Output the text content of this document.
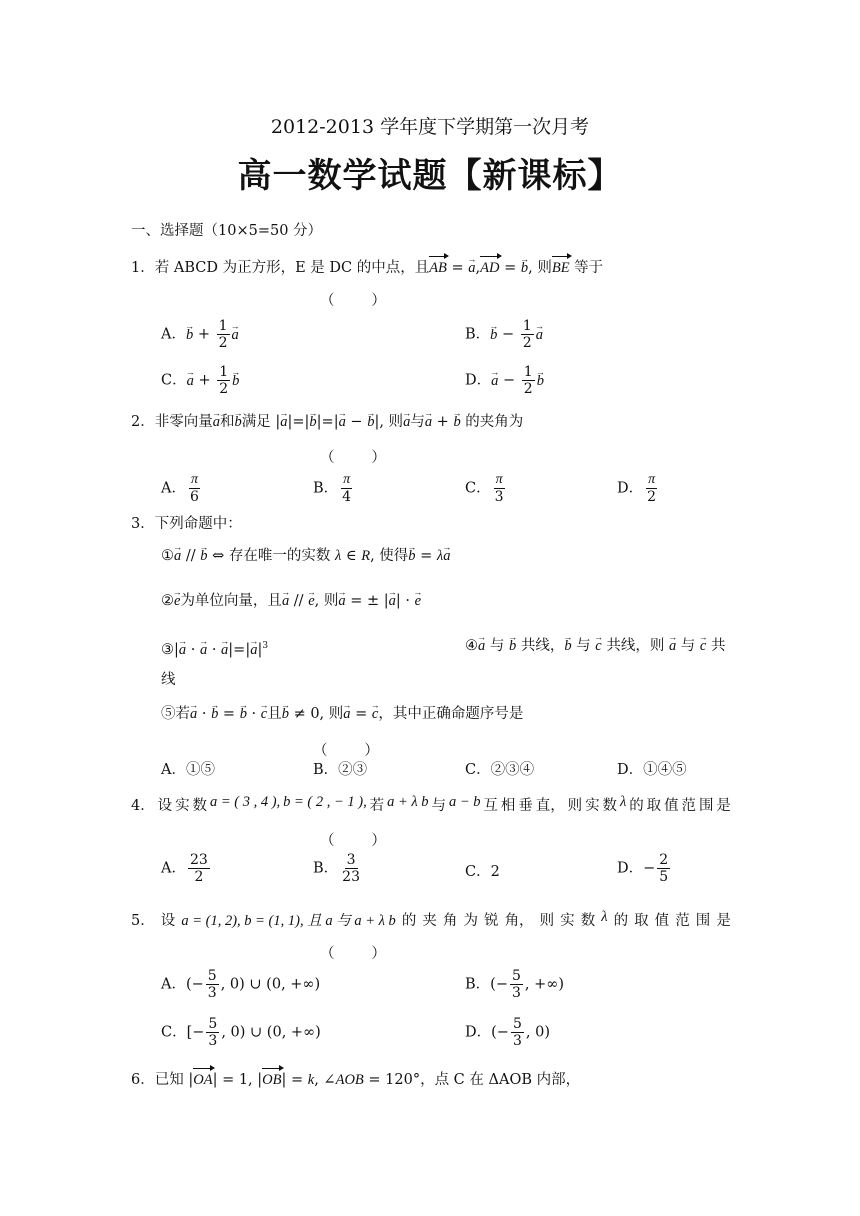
2012-2013 学年度下学期第一次月考
高一数学试题【新课标】
一、选择题（10×5=50 分）
1．若 ABCD 为正方形，E 是 DC 的中点，且AB = → a,AD = → b, 则BE 等于
（        ）
A．→ $b + \frac{1}{2}$
→ a	B．→ $b - \frac{1}{2}$
→ a
C．→ $a + \frac{1}{2}$
→ b	D．→ $a - \frac{1}{2}$
→ b
2．非零向量→ a和→ b满足 |→ a|=|→ b|=|→ a − → b|, 则→ a与→ a + → b 的夹角为
（        ）
A． $\frac{\pi}{6}$	B． $\frac{\pi}{4}$	C． $\frac{\pi}{3}$	D． $\frac{\pi}{2}$
3．下列命题中：
①→ a // → b ⇔ 存在唯一的实数 λ ∈ R, 使得→ b = λ→ a
②→ e为单位向量，且→ a // → e, 则→ a = ± |→ a| · → e
③|→ a · → a · → $a|=|\to a|^3$	④→ a 与 → b 共线，→ b 与 → c 共线，则 → a 与 → c 共
线
⑤若→ a · → b = → b · → c且→ b ≠ 0, 则→ a = → c，其中正确命题序号是
（        ）
A．①⑤	B．②③	C．②③④	D．①④⑤
4． 设 实 数 a = ( 3 , 4 ), b = ( 2 , − 1 ), 若 a + λ b 与 a − b 互 相 垂 直， 则 实 数 λ 的 取 值 范 围 是
（        ）
A． $\frac{23}{2}$	B． $\frac{3}{23}$	C．2	D．− $\frac{2}{5}$
5． 设 a = (1, 2), b = (1, 1), 且 a 与 a + λ b 的 夹 角 为 锐 角， 则 实 数 λ 的 取 值 范 围 是
（        ）
A．(− $\frac{5}{3}$ , 0) ∪ (0, +∞)	B．(− $\frac{5}{3}$ , +∞)
C．[− $\frac{5}{3}$ , 0) ∪ (0, +∞)	D．(− $\frac{5}{3}$ , 0)
6．已知 |OA| = 1, |OB| = k, ∠AOB = 120°，点 C 在 ΔAOB 内部，
